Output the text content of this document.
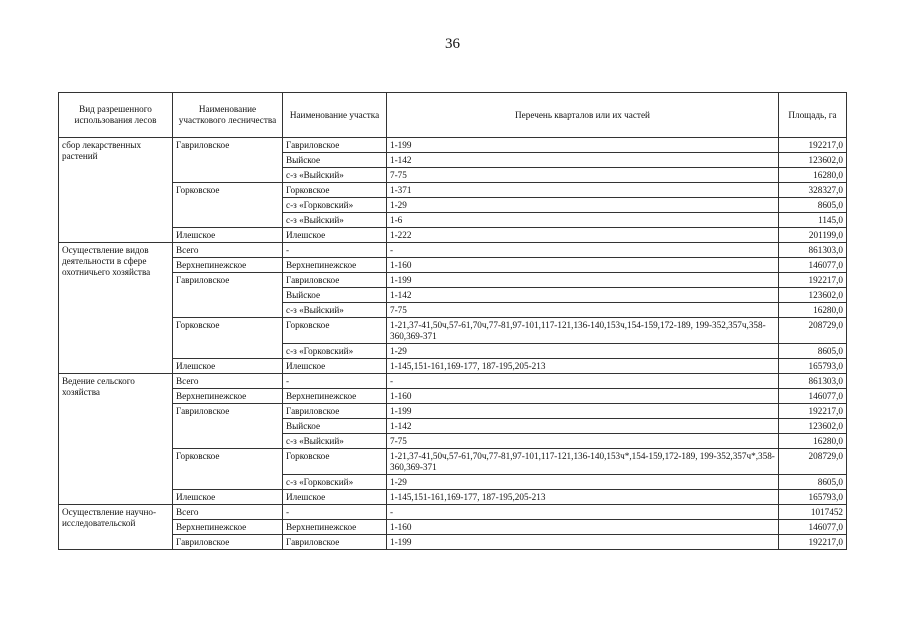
36
Вид разрешенного использования лесов	Наименование участкового лесничества	Наименование участка	Перечень кварталов или их частей	Площадь, га
сбор лекарственных растений	Гавриловское	Гавриловское	1-199	192217,0
		Выйское	1-142	123602,0
		с-з «Выйский»	7-75	16280,0
	Горковское	Горковское	1-371	328327,0
		с-з «Горковский»	1-29	8605,0
		с-з «Выйский»	1-6	1145,0
	Илешское	Илешское	1-222	201199,0
Осуществление видов деятельности в сфере охотничьего хозяйства	Всего	-	-	861303,0
	Верхнепинежское	Верхнепинежское	1-160	146077,0
	Гавриловское	Гавриловское	1-199	192217,0
		Выйское	1-142	123602,0
		с-з «Выйский»	7-75	16280,0
	Горковское	Горковское	1-21,37-41,50ч,57-61,70ч,77-81,97-101,117-121,136-140,153ч,154-159,172-189, 199-352,357ч,358-360,369-371	208729,0
		с-з «Горковский»	1-29	8605,0
	Илешское	Илешское	1-145,151-161,169-177, 187-195,205-213	165793,0
Ведение сельского хозяйства	Всего	-	-	861303,0
	Верхнепинежское	Верхнепинежское	1-160	146077,0
	Гавриловское	Гавриловское	1-199	192217,0
		Выйское	1-142	123602,0
		с-з «Выйский»	7-75	16280,0
	Горковское	Горковское	1-21,37-41,50ч,57-61,70ч,77-81,97-101,117-121,136-140,153ч*,154-159,172-189, 199-352,357ч*,358-360,369-371	208729,0
		с-з «Горковский»	1-29	8605,0
	Илешское	Илешское	1-145,151-161,169-177, 187-195,205-213	165793,0
Осуществление научно-исследовательской	Всего	-	-	1017452
	Верхнепинежское	Верхнепинежское	1-160	146077,0
	Гавриловское	Гавриловское	1-199	192217,0
